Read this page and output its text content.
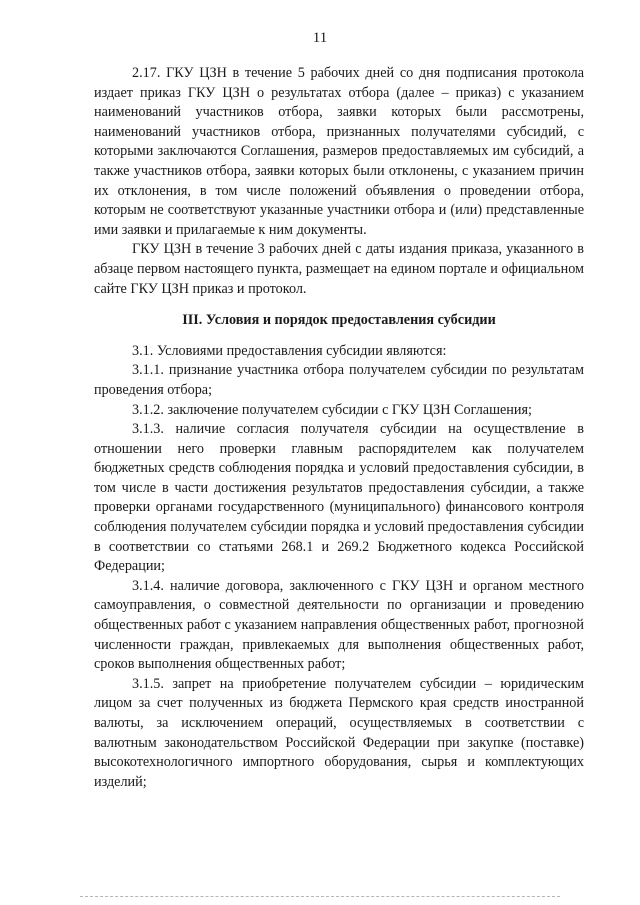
11

2.17. ГКУ ЦЗН в течение 5 рабочих дней со дня подписания протокола издает приказ ГКУ ЦЗН о результатах отбора (далее – приказ) с указанием наименований участников отбора, заявки которых были рассмотрены, наименований участников отбора, признанных получателями субсидий, с которыми заключаются Соглашения, размеров предоставляемых им субсидий, а также участников отбора, заявки которых были отклонены, с указанием причин их отклонения, в том числе положений объявления о проведении отбора, которым не соответствуют указанные участники отбора и (или) представленные ими заявки и прилагаемые к ним документы.

ГКУ ЦЗН в течение 3 рабочих дней с даты издания приказа, указанного в абзаце первом настоящего пункта, размещает на едином портале и официальном сайте ГКУ ЦЗН приказ и протокол.

III. Условия и порядок предоставления субсидии

3.1. Условиями предоставления субсидии являются:

3.1.1. признание участника отбора получателем субсидии по результатам проведения отбора;

3.1.2. заключение получателем субсидии с ГКУ ЦЗН Соглашения;

3.1.3. наличие согласия получателя субсидии на осуществление в отношении него проверки главным распорядителем как получателем бюджетных средств соблюдения порядка и условий предоставления субсидии, в том числе в части достижения результатов предоставления субсидии, а также проверки органами государственного (муниципального) финансового контроля соблюдения получателем субсидии порядка и условий предоставления субсидии в соответствии со статьями 268.1 и 269.2 Бюджетного кодекса Российской Федерации;

3.1.4. наличие договора, заключенного с ГКУ ЦЗН и органом местного самоуправления, о совместной деятельности по организации и проведению общественных работ с указанием направления общественных работ, прогнозной численности граждан, привлекаемых для выполнения общественных работ, сроков выполнения общественных работ;

3.1.5. запрет на приобретение получателем субсидии – юридическим лицом за счет полученных из бюджета Пермского края средств иностранной валюты, за исключением операций, осуществляемых в соответствии с валютным законодательством Российской Федерации при закупке (поставке) высокотехнологичного импортного оборудования, сырья и комплектующих изделий;
